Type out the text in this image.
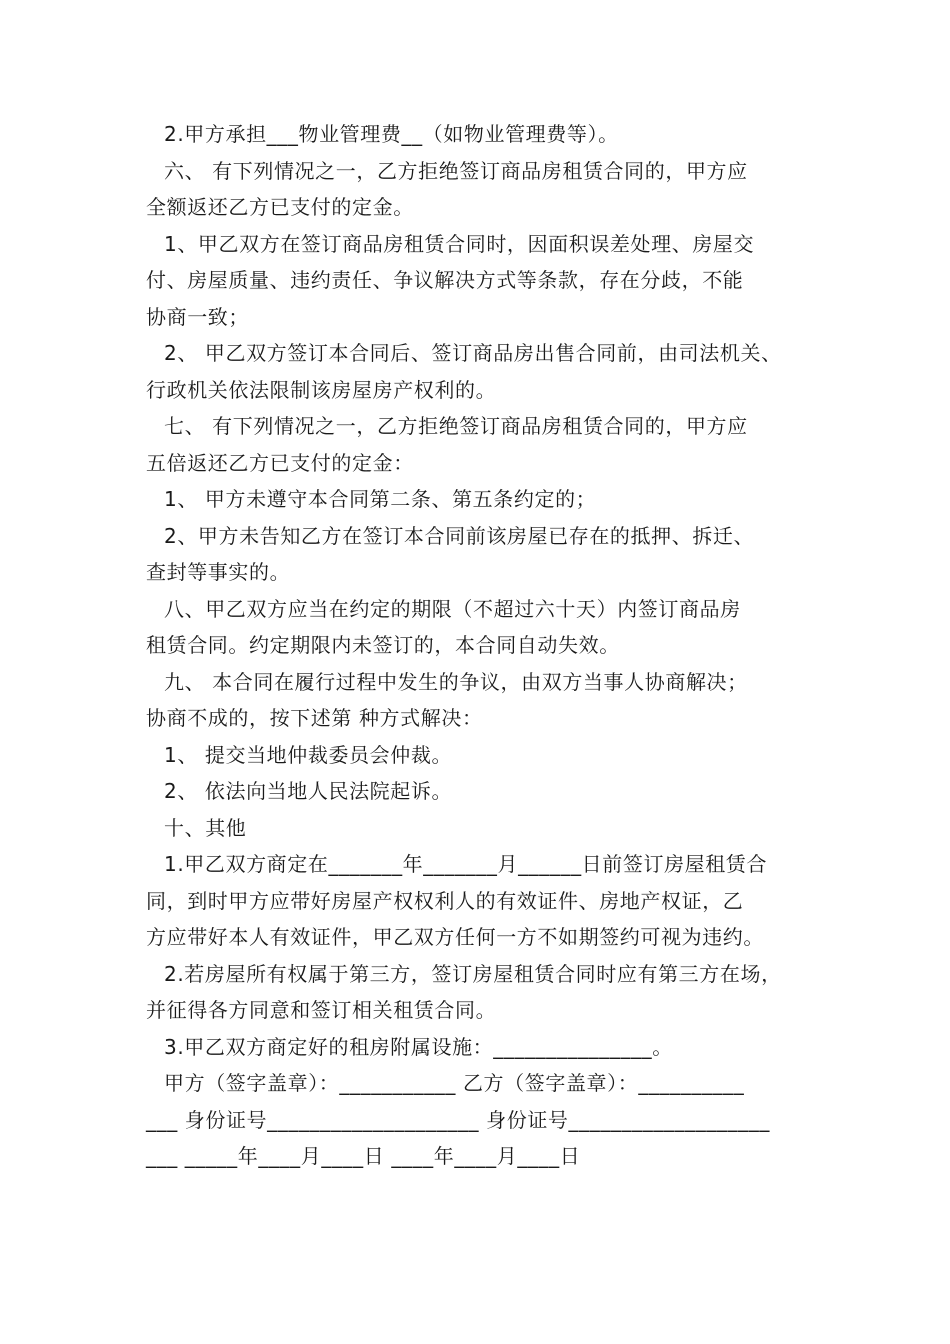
2.甲方承担___物业管理费__（如物业管理费等）。
六、 有下列情况之一，乙方拒绝签订商品房租赁合同的，甲方应
全额返还乙方已支付的定金。
1、甲乙双方在签订商品房租赁合同时，因面积误差处理、房屋交
付、房屋质量、违约责任、争议解决方式等条款，存在分歧，不能
协商一致；
2、 甲乙双方签订本合同后、签订商品房出售合同前，由司法机关、
行政机关依法限制该房屋房产权利的。
七、 有下列情况之一，乙方拒绝签订商品房租赁合同的，甲方应
五倍返还乙方已支付的定金：
1、 甲方未遵守本合同第二条、第五条约定的；
2、甲方未告知乙方在签订本合同前该房屋已存在的抵押、拆迁、
查封等事实的。
八、甲乙双方应当在约定的期限（不超过六十天）内签订商品房
租赁合同。约定期限内未签订的，本合同自动失效。
九、 本合同在履行过程中发生的争议，由双方当事人协商解决；
协商不成的，按下述第 种方式解决：
1、 提交当地仲裁委员会仲裁。
2、 依法向当地人民法院起诉。
十、其他
1.甲乙双方商定在_______年_______月______日前签订房屋租赁合
同，到时甲方应带好房屋产权权利人的有效证件、房地产权证，乙
方应带好本人有效证件，甲乙双方任何一方不如期签约可视为违约。
2.若房屋所有权属于第三方，签订房屋租赁合同时应有第三方在场，
并征得各方同意和签订相关租赁合同。
3.甲乙双方商定好的租房附属设施：_______________。
甲方（签字盖章）：___________ 乙方（签字盖章）：__________
___ 身份证号____________________ 身份证号___________________
___ _____年____月____日 ____年____月____日
